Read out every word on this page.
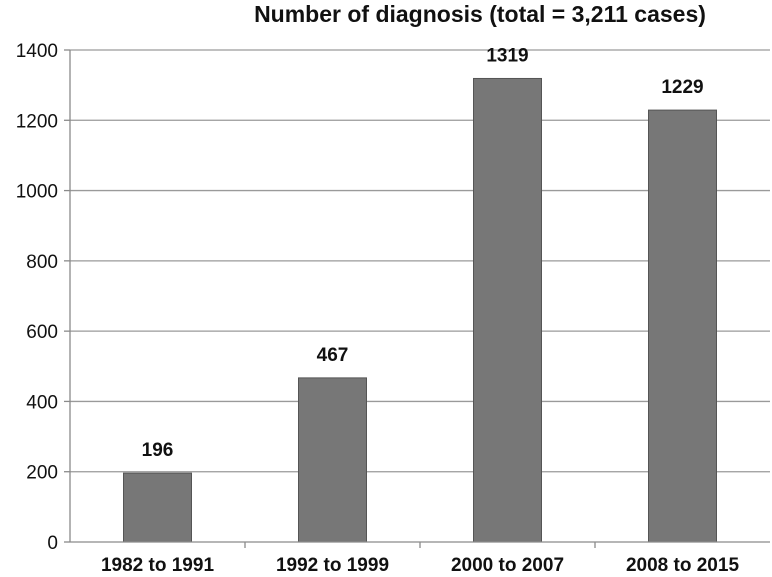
Number of diagnosis (total = 3,211 cases)
0
200
400
600
800
1000
1200
1400
196
467
1319
1229
1982 to 1991	1992 to 1999	2000 to 2007	2008 to 2015
